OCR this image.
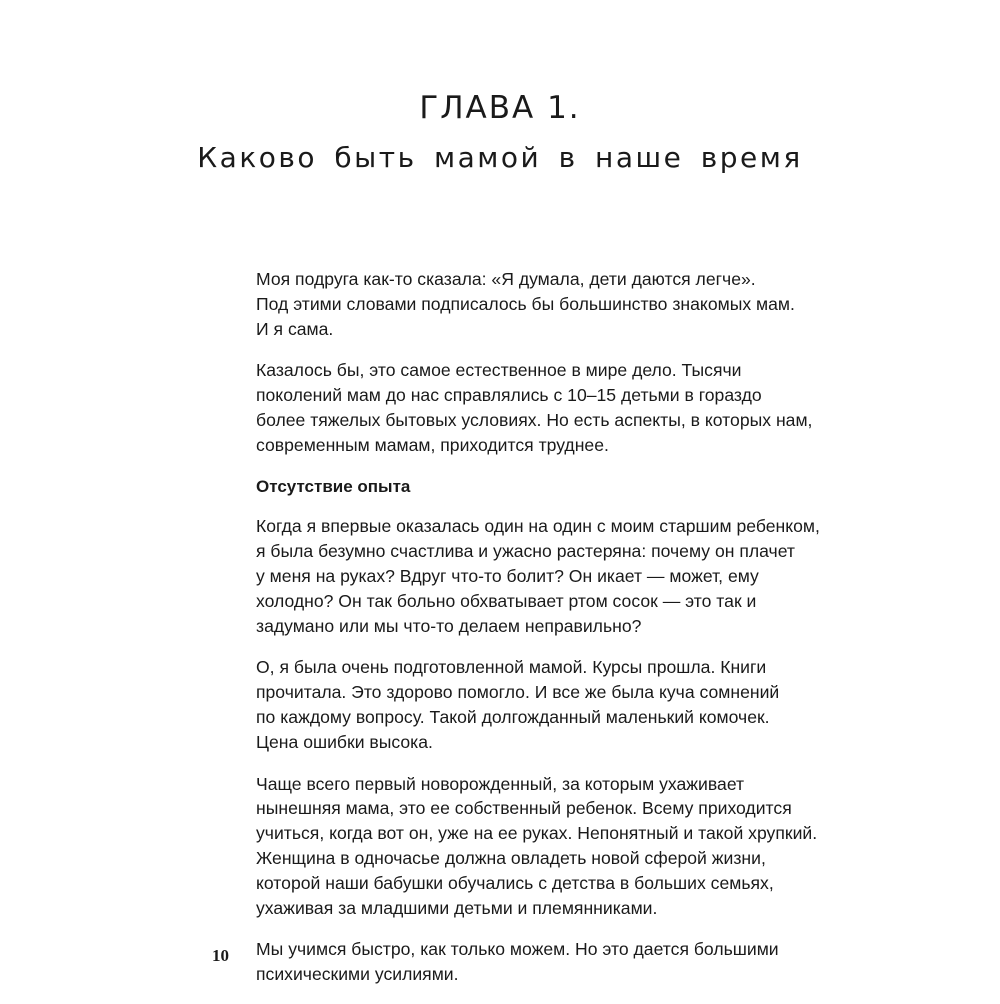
ГЛАВА 1.
Каково быть мамой в наше время

Моя подруга как-то сказала: «Я думала, дети даются легче».
Под этими словами подписалось бы большинство знакомых мам.
И я сама.

Казалось бы, это самое естественное в мире дело. Тысячи
поколений мам до нас справлялись с 10–15 детьми в гораздо
более тяжелых бытовых условиях. Но есть аспекты, в которых нам,
современным мамам, приходится труднее.

Отсутствие опыта

Когда я впервые оказалась один на один с моим старшим ребенком,
я была безумно счастлива и ужасно растеряна: почему он плачет
у меня на руках? Вдруг что-то болит? Он икает — может, ему
холодно? Он так больно обхватывает ртом сосок — это так и
задумано или мы что-то делаем неправильно?

О, я была очень подготовленной мамой. Курсы прошла. Книги
прочитала. Это здорово помогло. И все же была куча сомнений
по каждому вопросу. Такой долгожданный маленький комочек.
Цена ошибки высока.

Чаще всего первый новорожденный, за которым ухаживает
нынешняя мама, это ее собственный ребенок. Всему приходится
учиться, когда вот он, уже на ее руках. Непонятный и такой хрупкий.
Женщина в одночасье должна овладеть новой сферой жизни,
которой наши бабушки обучались с детства в больших семьях,
ухаживая за младшими детьми и племянниками.

Мы учимся быстро, как только можем. Но это дается большими
психическими усилиями.

10
